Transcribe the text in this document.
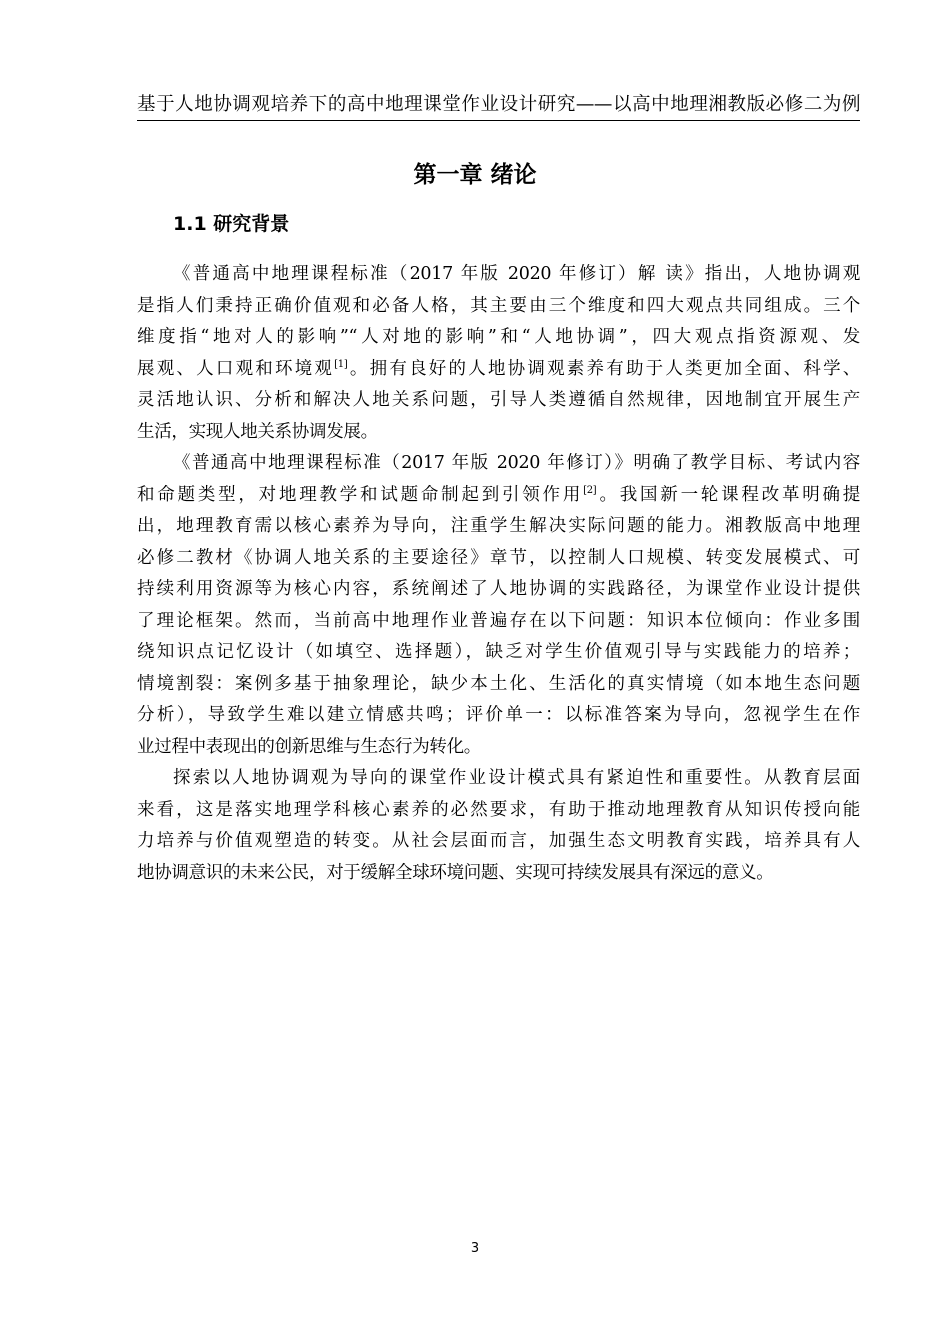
基于人地协调观培养下的高中地理课堂作业设计研究——以高中地理湘教版必修二为例
第一章 绪论
1.1 研究背景
《普通高中地理课程标准（2017 年版 2020 年修订）解 读》指出，人地协调观
是指人们秉持正确价值观和必备人格，其主要由三个维度和四大观点共同组成。三个
维度指“地对人的影响”“人对地的影响”和“人地协调”，四大观点指资源观、发
展观、人口观和环境观[1]。拥有良好的人地协调观素养有助于人类更加全面、科学、
灵活地认识、分析和解决人地关系问题，引导人类遵循自然规律，因地制宜开展生产
生活，实现人地关系协调发展。
《普通高中地理课程标准（2017 年版 2020 年修订）》明确了教学目标、考试内容
和命题类型，对地理教学和试题命制起到引领作用[2]。我国新一轮课程改革明确提
出，地理教育需以核心素养为导向，注重学生解决实际问题的能力。湘教版高中地理
必修二教材《协调人地关系的主要途径》章节，以控制人口规模、转变发展模式、可
持续利用资源等为核心内容，系统阐述了人地协调的实践路径，为课堂作业设计提供
了理论框架。然而，当前高中地理作业普遍存在以下问题：知识本位倾向：作业多围
绕知识点记忆设计（如填空、选择题），缺乏对学生价值观引导与实践能力的培养；
情境割裂：案例多基于抽象理论，缺少本土化、生活化的真实情境（如本地生态问题
分析），导致学生难以建立情感共鸣；评价单一：以标准答案为导向，忽视学生在作
业过程中表现出的创新思维与生态行为转化。
探索以人地协调观为导向的课堂作业设计模式具有紧迫性和重要性。从教育层面
来看，这是落实地理学科核心素养的必然要求，有助于推动地理教育从知识传授向能
力培养与价值观塑造的转变。从社会层面而言，加强生态文明教育实践，培养具有人
地协调意识的未来公民，对于缓解全球环境问题、实现可持续发展具有深远的意义。
3
